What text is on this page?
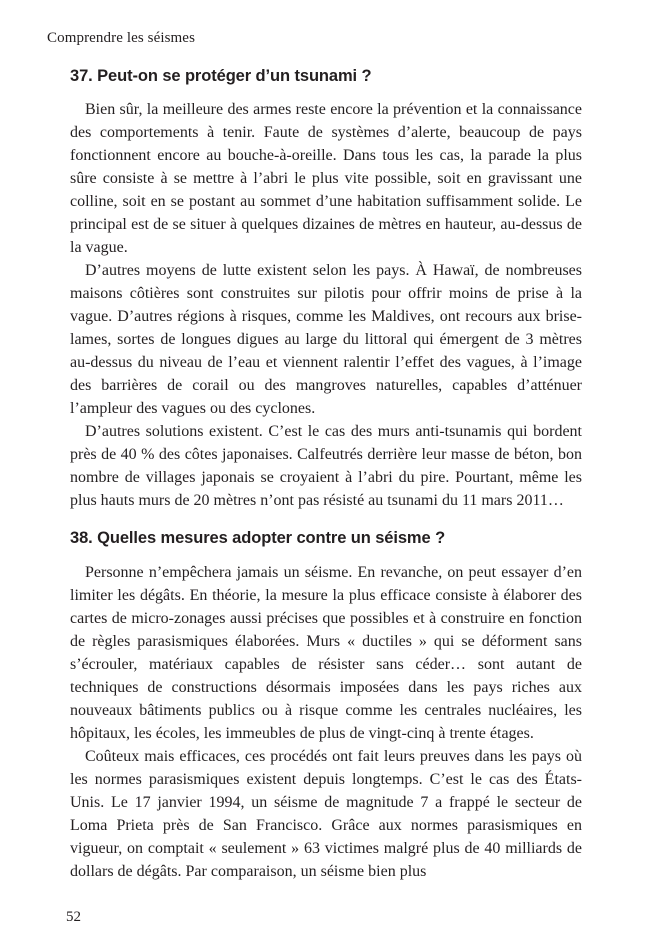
Comprendre les séismes
37. Peut-on se protéger d’un tsunami ?

Bien sûr, la meilleure des armes reste encore la prévention et la connaissance des comportements à tenir. Faute de systèmes d’alerte, beaucoup de pays fonctionnent encore au bouche-à-oreille. Dans tous les cas, la parade la plus sûre consiste à se mettre à l’abri le plus vite possible, soit en gravissant une colline, soit en se postant au sommet d’une habitation suffisamment solide. Le principal est de se situer à quelques dizaines de mètres en hauteur, au-dessus de la vague.

D’autres moyens de lutte existent selon les pays. À Hawaï, de nombreuses maisons côtières sont construites sur pilotis pour offrir moins de prise à la vague. D’autres régions à risques, comme les Maldives, ont recours aux brise-lames, sortes de longues digues au large du littoral qui émergent de 3 mètres au-dessus du niveau de l’eau et viennent ralentir l’effet des vagues, à l’image des barrières de corail ou des mangroves naturelles, capables d’atténuer l’ampleur des vagues ou des cyclones.

D’autres solutions existent. C’est le cas des murs anti-tsunamis qui bordent près de 40 % des côtes japonaises. Calfeutrés derrière leur masse de béton, bon nombre de villages japonais se croyaient à l’abri du pire. Pourtant, même les plus hauts murs de 20 mètres n’ont pas résisté au tsunami du 11 mars 2011…

38. Quelles mesures adopter contre un séisme ?

Personne n’empêchera jamais un séisme. En revanche, on peut essayer d’en limiter les dégâts. En théorie, la mesure la plus efficace consiste à élaborer des cartes de micro-zonages aussi précises que possibles et à construire en fonction de règles parasismiques élaborées. Murs « ductiles » qui se déforment sans s’écrouler, matériaux capables de résister sans céder… sont autant de techniques de constructions désormais imposées dans les pays riches aux nouveaux bâtiments publics ou à risque comme les centrales nucléaires, les hôpitaux, les écoles, les immeubles de plus de vingt-cinq à trente étages.

Coûteux mais efficaces, ces procédés ont fait leurs preuves dans les pays où les normes parasismiques existent depuis longtemps. C’est le cas des États-Unis. Le 17 janvier 1994, un séisme de magnitude 7 a frappé le secteur de Loma Prieta près de San Francisco. Grâce aux normes parasismiques en vigueur, on comptait « seulement » 63 victimes malgré plus de 40 milliards de dollars de dégâts. Par comparaison, un séisme bien plus

52
